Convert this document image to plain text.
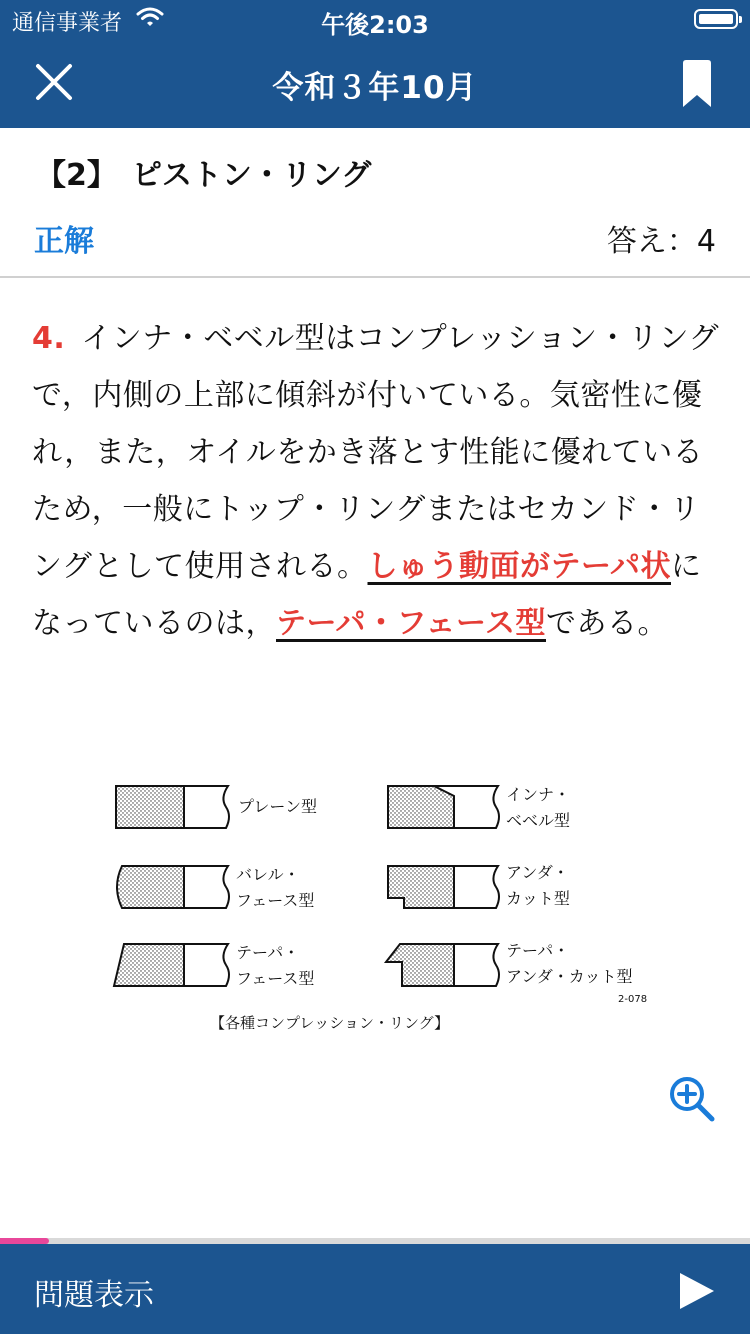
通信事業者	午後2:03
令和３年10月
【2】　ピストン・リング
正解	答え：4
4. インナ・ベベル型はコンプレッション・リングで，内側の上部に傾斜が付いている。気密性に優れ，また，オイルをかき落とす性能に優れているため，一般にトップ・リングまたはセカンド・リングとして使用される。しゅう動面がテーパ状になっているのは，テーパ・フェース型である。
プレーン型
バレル・
フェース型
テーパ・
フェース型
インナ・
ベベル型
アンダ・
カット型
テーパ・
アンダ・カット型
2-078
【各種コンプレッション・リング】
問題表示
